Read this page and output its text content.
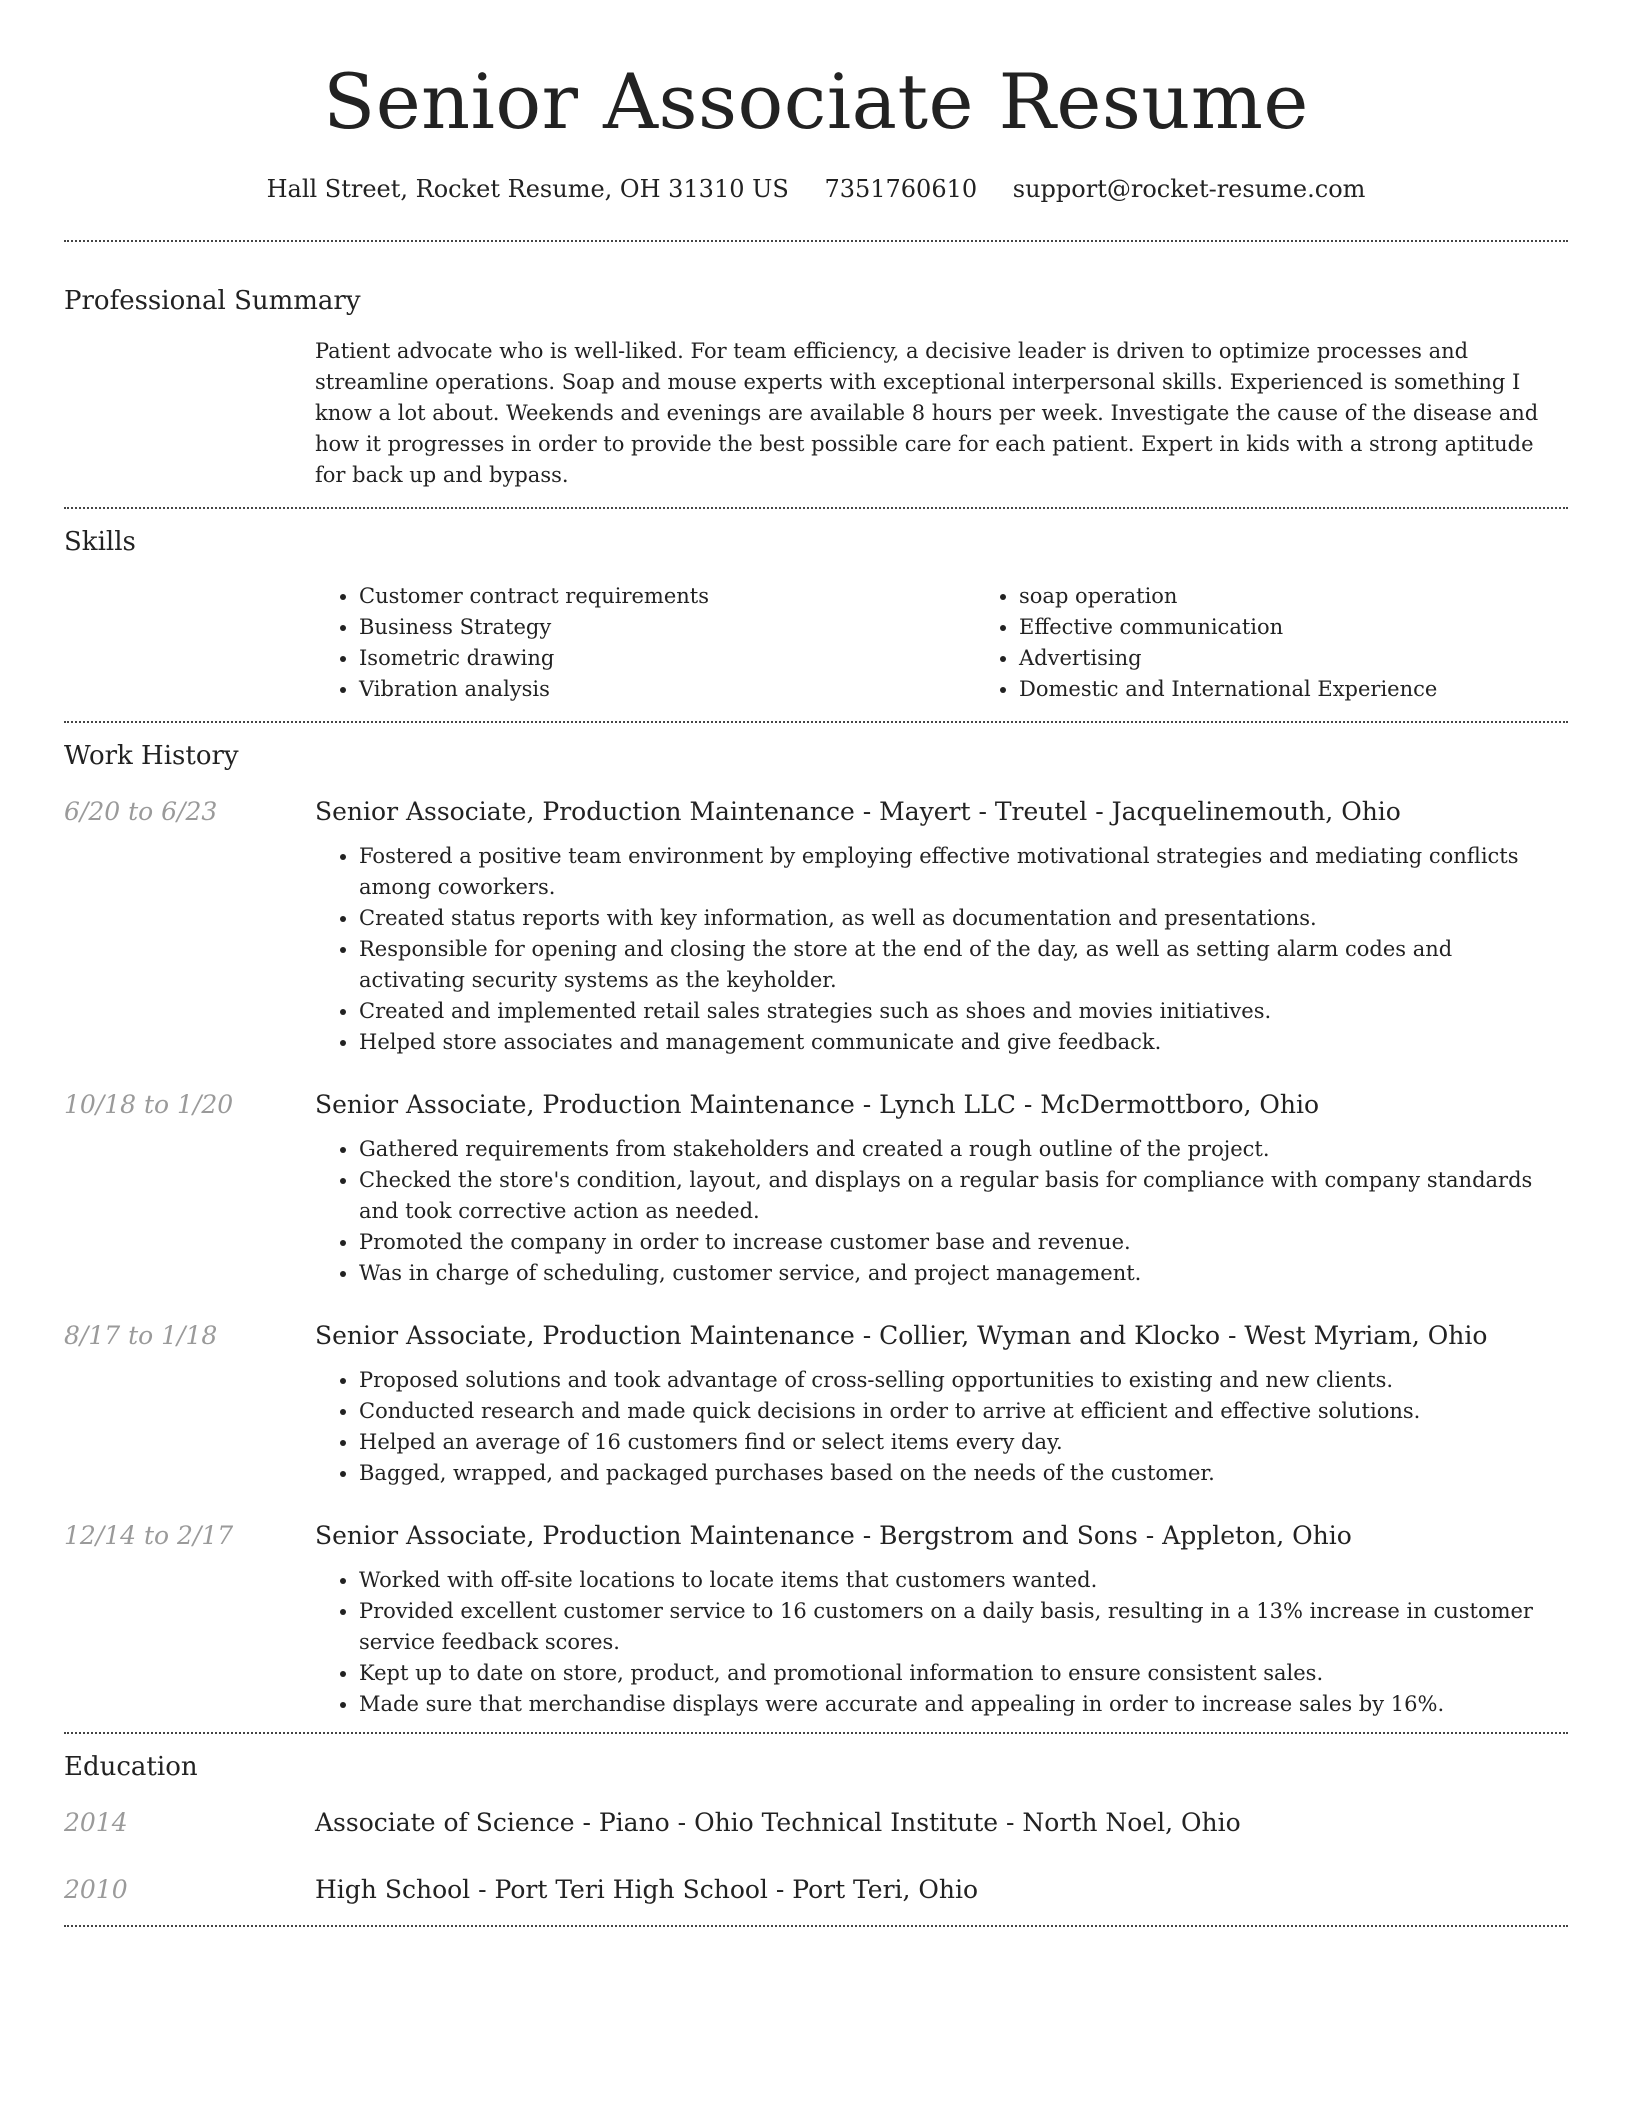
Senior Associate Resume
Hall Street, Rocket Resume, OH 31310 US 7351760610 support@rocket-resume.com
Professional Summary

Patient advocate who is well-liked. For team efficiency, a decisive leader is driven to optimize processes and streamline operations. Soap and mouse experts with exceptional interpersonal skills. Experienced is something I know a lot about. Weekends and evenings are available 8 hours per week. Investigate the cause of the disease and how it progresses in order to provide the best possible care for each patient. Expert in kids with a strong aptitude for back up and bypass.

Skills
• Customer contract requirements
• Business Strategy
• Isometric drawing
• Vibration analysis
• soap operation
• Effective communication
• Advertising
• Domestic and International Experience
Work History
6/20 to 6/23	Senior Associate, Production Maintenance - Mayert - Treutel - Jacquelinemouth, Ohio
• Fostered a positive team environment by employing effective motivational strategies and mediating conflicts among coworkers.
• Created status reports with key information, as well as documentation and presentations.
• Responsible for opening and closing the store at the end of the day, as well as setting alarm codes and activating security systems as the keyholder.
• Created and implemented retail sales strategies such as shoes and movies initiatives.
• Helped store associates and management communicate and give feedback.
10/18 to 1/20	Senior Associate, Production Maintenance - Lynch LLC - McDermottboro, Ohio
• Gathered requirements from stakeholders and created a rough outline of the project.
• Checked the store's condition, layout, and displays on a regular basis for compliance with company standards and took corrective action as needed.
• Promoted the company in order to increase customer base and revenue.
• Was in charge of scheduling, customer service, and project management.
8/17 to 1/18	Senior Associate, Production Maintenance - Collier, Wyman and Klocko - West Myriam, Ohio
• Proposed solutions and took advantage of cross-selling opportunities to existing and new clients.
• Conducted research and made quick decisions in order to arrive at efficient and effective solutions.
• Helped an average of 16 customers find or select items every day.
• Bagged, wrapped, and packaged purchases based on the needs of the customer.
12/14 to 2/17	Senior Associate, Production Maintenance - Bergstrom and Sons - Appleton, Ohio
• Worked with off-site locations to locate items that customers wanted.
• Provided excellent customer service to 16 customers on a daily basis, resulting in a 13% increase in customer service feedback scores.
• Kept up to date on store, product, and promotional information to ensure consistent sales.
• Made sure that merchandise displays were accurate and appealing in order to increase sales by 16%.
Education
2014	Associate of Science - Piano - Ohio Technical Institute - North Noel, Ohio
2010	High School - Port Teri High School - Port Teri, Ohio
